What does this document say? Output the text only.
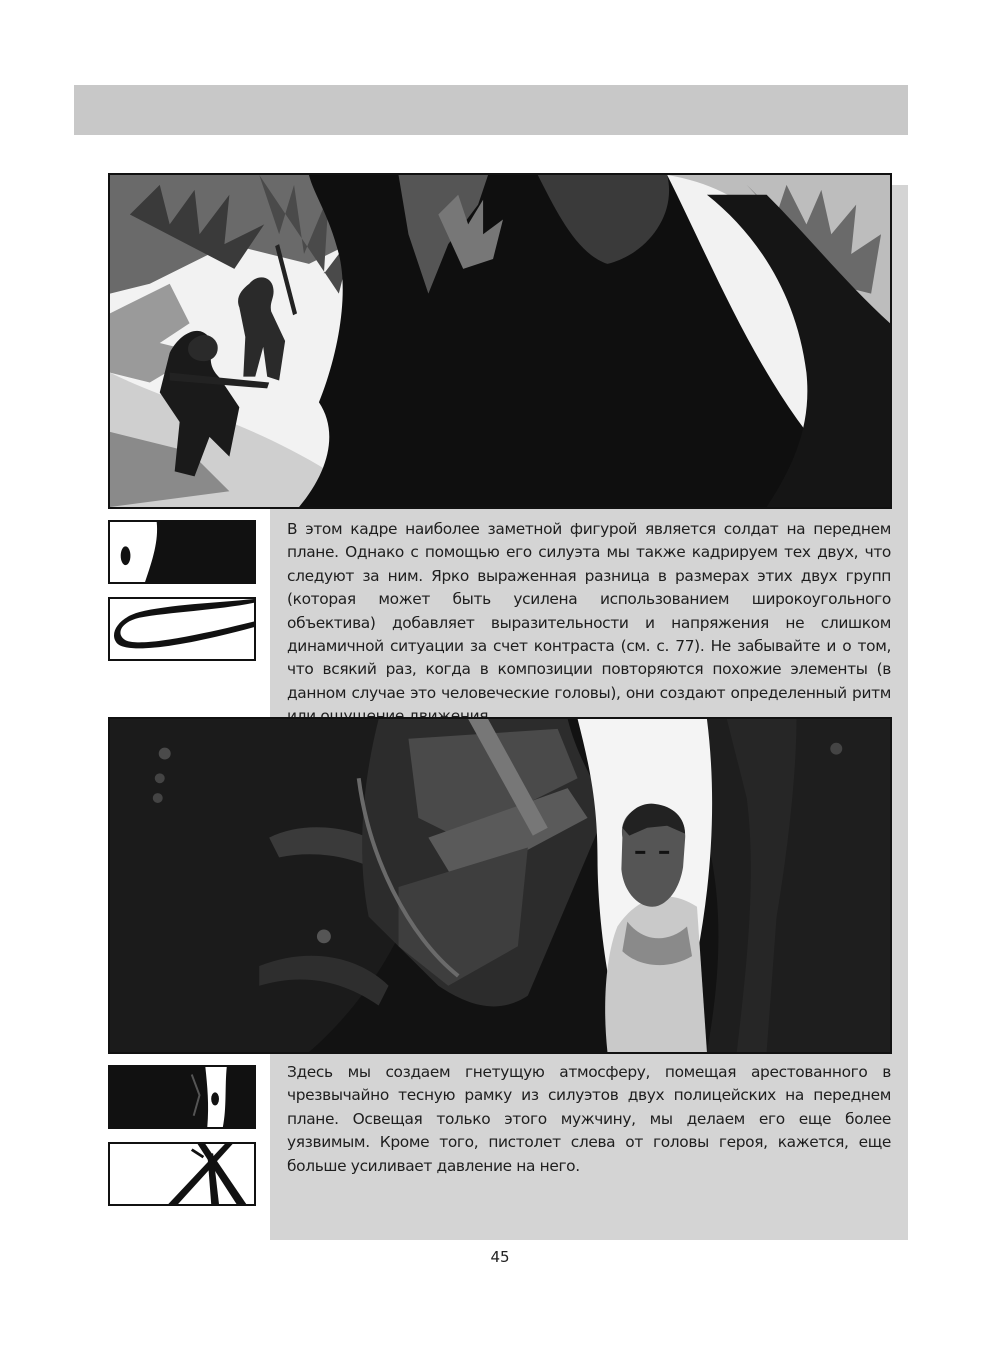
В этом кадре наиболее заметной фигурой является солдат на переднем плане. Однако с помощью его силуэта мы также кадрируем тех двух, что следуют за ним. Ярко выраженная разница в размерах этих двух групп (которая может быть усилена использованием широкоугольного объектива) добавляет выразительности и напряжения не слишком динамичной ситуации за счет контраста (см. с. 77). Не забывайте и о том, что всякий раз, когда в композиции повторяются похожие элементы (в данном случае это человеческие головы), они создают определенный ритм

Здесь мы создаем гнетущую атмосферу, помещая арестованного в чрезвычайно тесную рамку из силуэтов двух полицейских на переднем плане. Освещая только этого мужчину, мы делаем его еще более уязвимым. Кроме того, пистолет слева от головы героя, кажется, еще больше усиливает давление на него.

45
